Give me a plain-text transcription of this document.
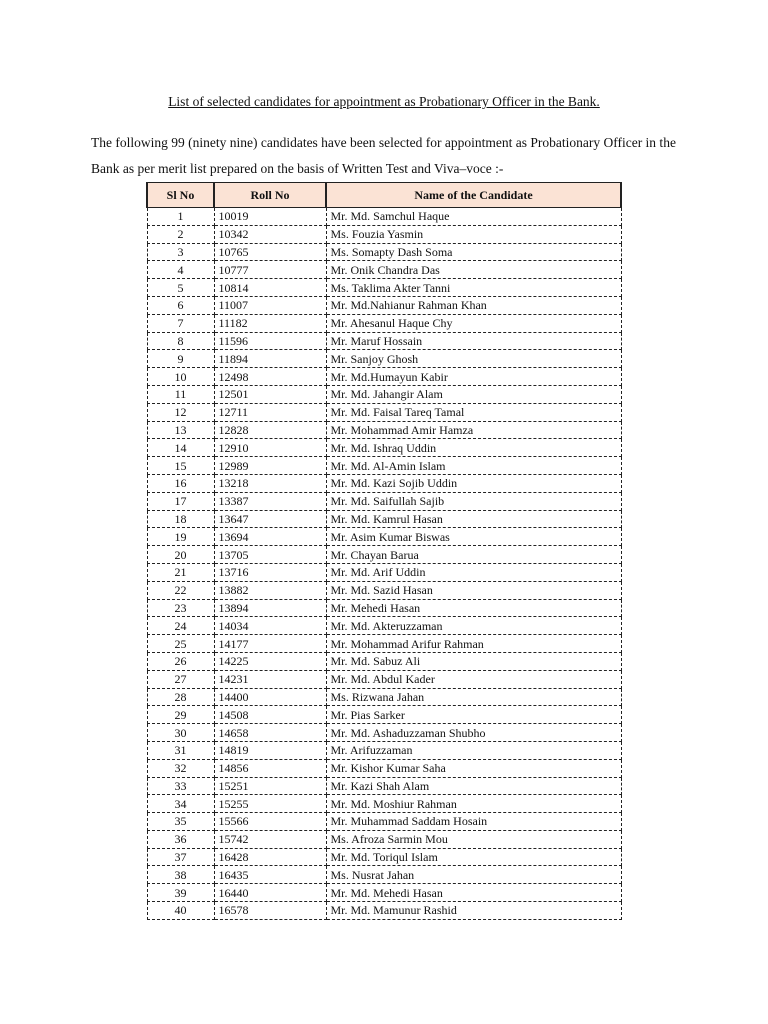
List of selected candidates for appointment as Probationary Officer in the Bank.

The following 99 (ninety nine) candidates have been selected for appointment as Probationary Officer in the Bank as per merit list prepared on the basis of Written Test and Viva–voce :-

Sl No	Roll No	Name of the Candidate
1	10019	Mr. Md. Samchul Haque
2	10342	Ms. Fouzia Yasmin
3	10765	Ms. Somapty Dash Soma
4	10777	Mr. Onik Chandra Das
5	10814	Ms. Taklima Akter Tanni
6	11007	Mr. Md.Nahianur Rahman Khan
7	11182	Mr. Ahesanul Haque Chy
8	11596	Mr. Maruf Hossain
9	11894	Mr. Sanjoy Ghosh
10	12498	Mr. Md.Humayun Kabir
11	12501	Mr. Md. Jahangir Alam
12	12711	Mr. Md. Faisal Tareq Tamal
13	12828	Mr. Mohammad Amir Hamza
14	12910	Mr. Md. Ishraq Uddin
15	12989	Mr. Md. Al-Amin Islam
16	13218	Mr. Md. Kazi Sojib Uddin
17	13387	Mr. Md. Saifullah Sajib
18	13647	Mr. Md. Kamrul Hasan
19	13694	Mr. Asim Kumar Biswas
20	13705	Mr. Chayan Barua
21	13716	Mr. Md. Arif Uddin
22	13882	Mr. Md. Sazid Hasan
23	13894	Mr. Mehedi Hasan
24	14034	Mr. Md. Akteruzzaman
25	14177	Mr. Mohammad Arifur Rahman
26	14225	Mr. Md. Sabuz Ali
27	14231	Mr. Md. Abdul Kader
28	14400	Ms. Rizwana Jahan
29	14508	Mr. Pias Sarker
30	14658	Mr. Md. Ashaduzzaman Shubho
31	14819	Mr. Arifuzzaman
32	14856	Mr. Kishor Kumar Saha
33	15251	Mr. Kazi Shah Alam
34	15255	Mr. Md. Moshiur Rahman
35	15566	Mr. Muhammad Saddam Hosain
36	15742	Ms. Afroza Sarmin Mou
37	16428	Mr. Md. Toriqul Islam
38	16435	Ms. Nusrat Jahan
39	16440	Mr. Md. Mehedi Hasan
40	16578	Mr. Md. Mamunur Rashid
